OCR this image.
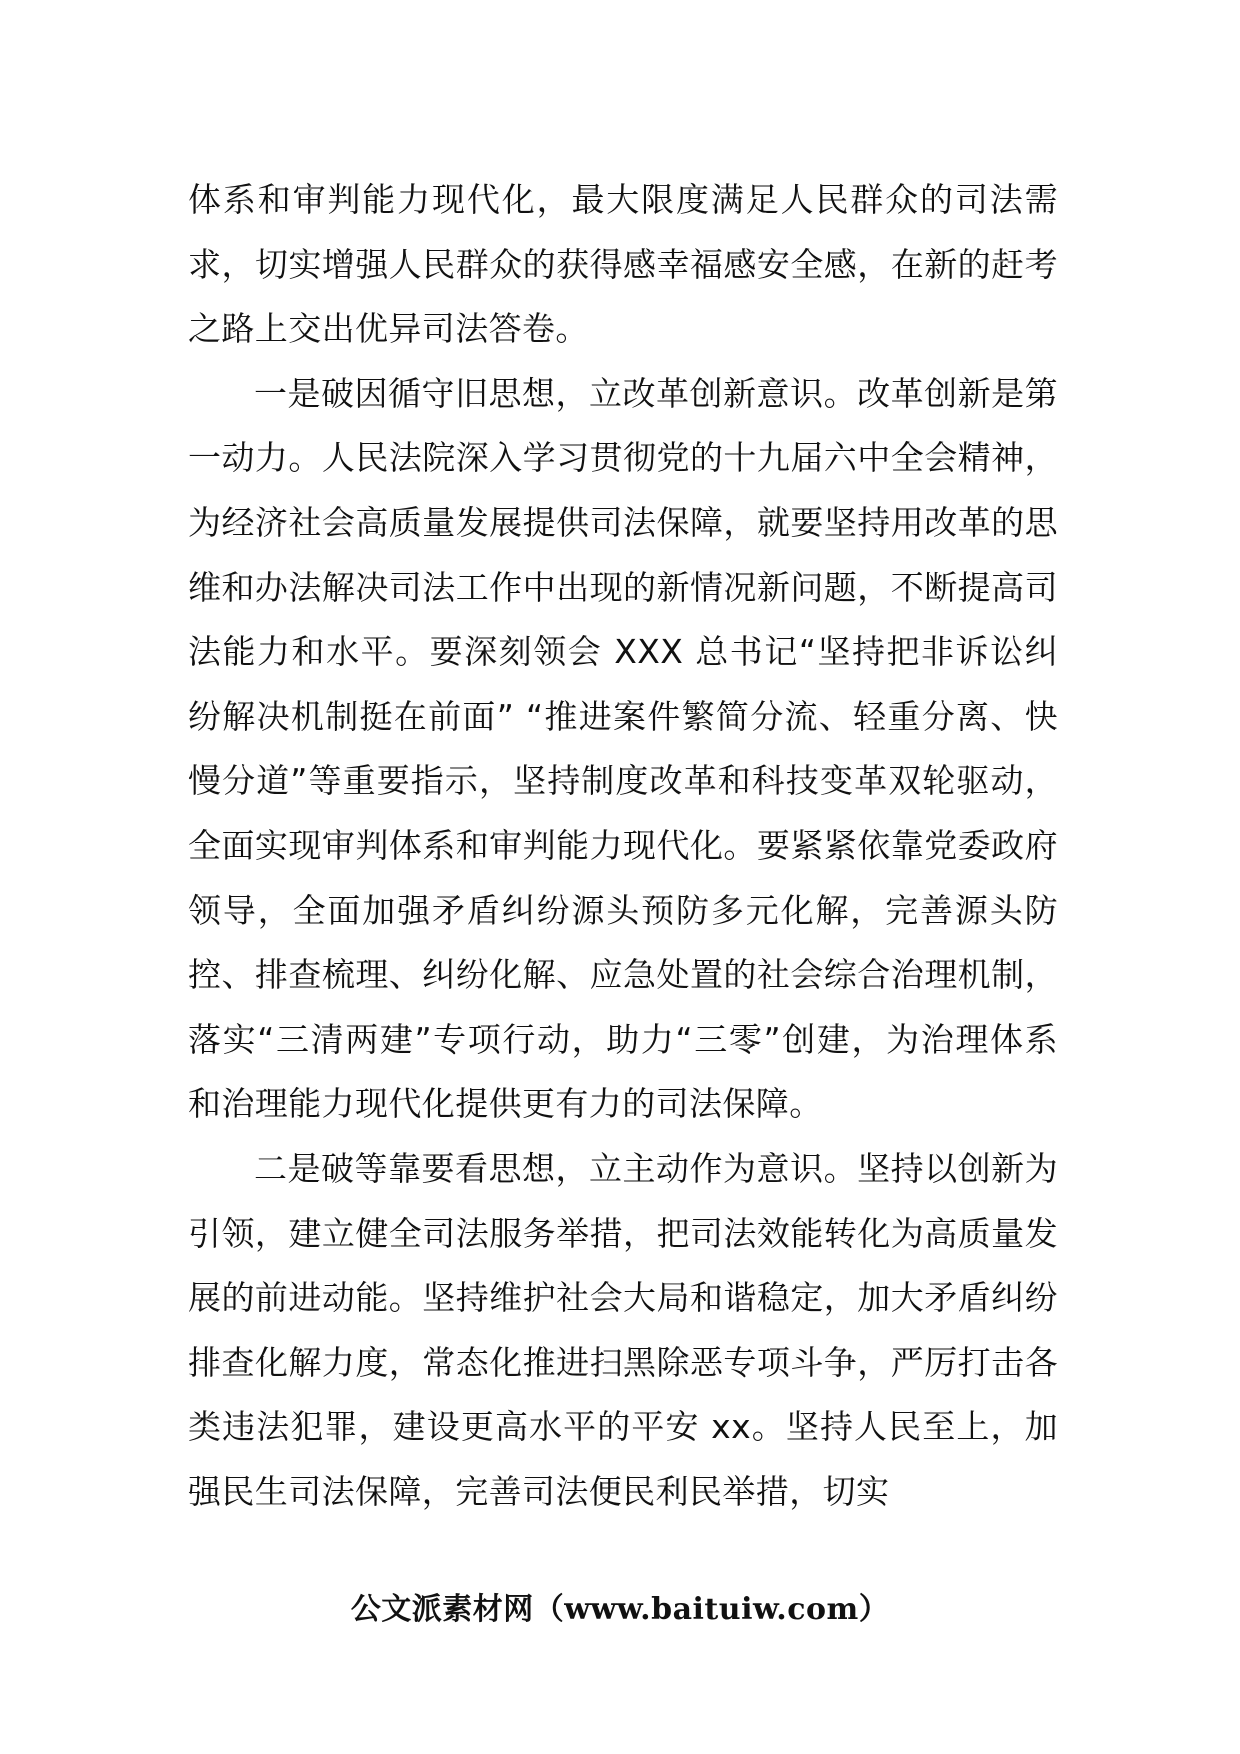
体系和审判能力现代化，最大限度满足人民群众的司法需求，切实增强人民群众的获得感幸福感安全感，在新的赶考之路上交出优异司法答卷。

一是破因循守旧思想，立改革创新意识。改革创新是第一动力。人民法院深入学习贯彻党的十九届六中全会精神，为经济社会高质量发展提供司法保障，就要坚持用改革的思维和办法解决司法工作中出现的新情况新问题，不断提高司法能力和水平。要深刻领会 XXX 总书记“坚持把非诉讼纠纷解决机制挺在前面” “推进案件繁简分流、轻重分离、快慢分道”等重要指示，坚持制度改革和科技变革双轮驱动，全面实现审判体系和审判能力现代化。要紧紧依靠党委政府领导，全面加强矛盾纠纷源头预防多元化解，完善源头防控、排查梳理、纠纷化解、应急处置的社会综合治理机制，落实“三清两建”专项行动，助力“三零”创建，为治理体系和治理能力现代化提供更有力的司法保障。

二是破等靠要看思想，立主动作为意识。坚持以创新为引领，建立健全司法服务举措，把司法效能转化为高质量发展的前进动能。坚持维护社会大局和谐稳定，加大矛盾纠纷排查化解力度，常态化推进扫黑除恶专项斗争，严厉打击各类违法犯罪，建设更高水平的平安 xx。坚持人民至上，加强民生司法保障，完善司法便民利民举措，切实

公文派素材网（www.baituiw.com）
